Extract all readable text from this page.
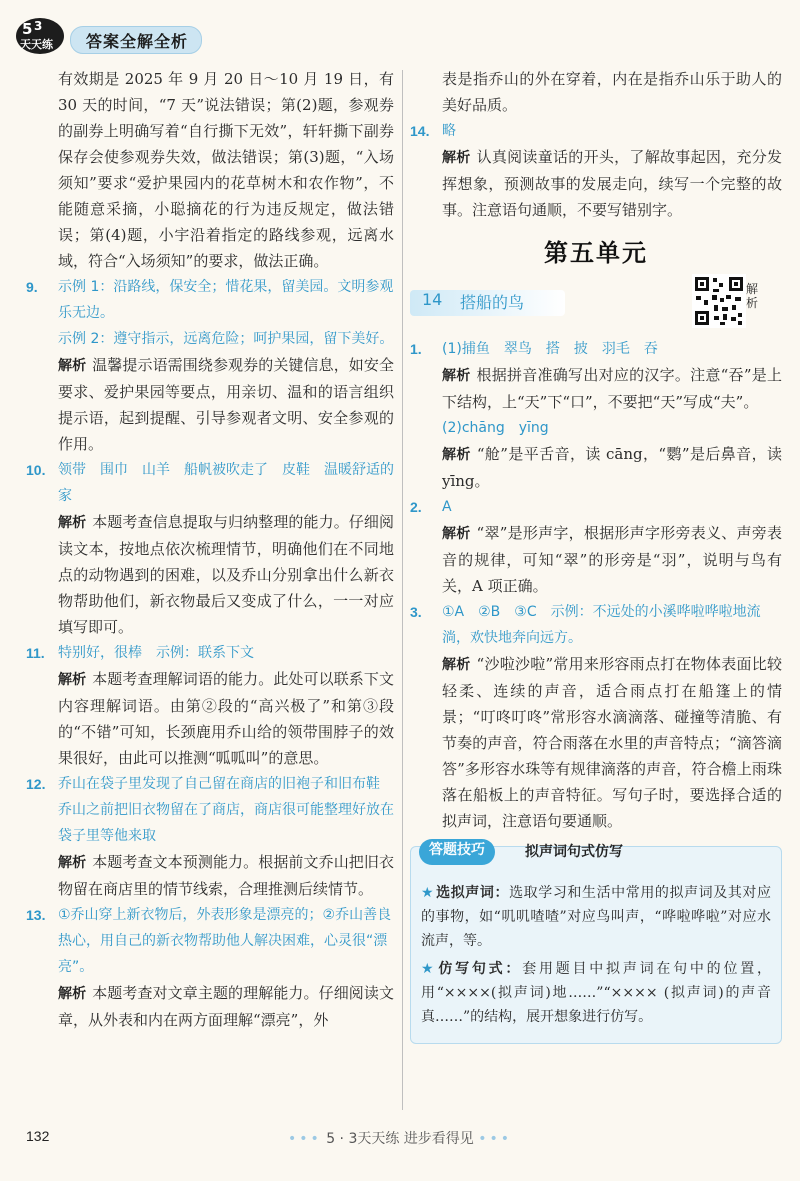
5 3
天天练 答案全解全析

有效期是 2025 年 9 月 20 日～10 月 19 日，有 30 天的时间，“7 天”说法错误；第(2)题，参观券的副券上明确写着“自行撕下无效”，轩轩撕下副券保存会使参观券失效，做法错误；第(3)题，“入场须知”要求“爱护果园内的花草树木和农作物”，不能随意采摘，小聪摘花的行为违反规定，做法错误；第(4)题，小宇沿着指定的路线参观，远离水域，符合“入场须知”的要求，做法正确。

9. 示例 1：沿路线，保安全；惜花果，留美园。文明参观乐无边。

示例 2：遵守指示，远离危险；呵护果园，留下美好。

解析 温馨提示语需围绕参观券的关键信息，如安全要求、爱护果园等要点，用亲切、温和的语言组织提示语，起到提醒、引导参观者文明、安全参观的作用。

10. 领带　围巾　山羊　船帆被吹走了　皮鞋　温暖舒适的家

解析 本题考查信息提取与归纳整理的能力。仔细阅读文本，按地点依次梳理情节，明确他们在不同地点的动物遇到的困难，以及乔山分别拿出什么新衣物帮助他们，新衣物最后又变成了什么，一一对应填写即可。

11. 特别好，很棒　示例：联系下文

解析 本题考查理解词语的能力。此处可以联系下文内容理解词语。由第②段的“高兴极了”和第③段的“不错”可知，长颈鹿用乔山给的领带围脖子的效果很好，由此可以推测“呱呱叫”的意思。

12. 乔山在袋子里发现了自己留在商店的旧袍子和旧布鞋

乔山之前把旧衣物留在了商店，商店很可能整理好放在袋子里等他来取

解析 本题考查文本预测能力。根据前文乔山把旧衣物留在商店里的情节线索，合理推测后续情节。

13. ①乔山穿上新衣物后，外表形象是漂亮的；②乔山善良热心，用自己的新衣物帮助他人解决困难，心灵很“漂亮”。

解析 本题考查对文章主题的理解能力。仔细阅读文章，从外表和内在两方面理解“漂亮”，外

表是指乔山的外在穿着，内在是指乔山乐于助人的美好品质。

14. 略

解析 认真阅读童话的开头，了解故事起因，充分发挥想象，预测故事的发展走向，续写一个完整的故事。注意语句通顺，不要写错别字。

第五单元
14 搭船的鸟
解析

1. (1)捕鱼　翠鸟　搭　披　羽毛　吞

解析 根据拼音准确写出对应的汉字。注意“吞”是上下结构，上“天”下“口”，不要把“天”写成“夫”。

(2)chāng　yīng

解析 “舱”是平舌音，读 cāng，“鹦”是后鼻音，读 yīng。

2. A

解析 “翠”是形声字，根据形声字形旁表义、声旁表音的规律，可知“翠”的形旁是“羽”，说明与鸟有关，A 项正确。

3. ①A　②B　③C　示例：不远处的小溪哗啦哗啦地流淌，欢快地奔向远方。

解析 “沙啦沙啦”常用来形容雨点打在物体表面比较轻柔、连续的声音，适合雨点打在船篷上的情景；“叮咚叮咚”常形容水滴滴落、碰撞等清脆、有节奏的声音，符合雨落在水里的声音特点；“滴答滴答”多形容水珠等有规律滴落的声音，符合檐上雨珠落在船板上的声音特征。写句子时，要选择合适的拟声词，注意语句要通顺。

答题技巧	拟声词句式仿写

★ 选拟声词：选取学习和生活中常用的拟声词及其对应的事物，如“叽叽喳喳”对应鸟叫声，“哗啦哗啦”对应水流声，等。

★ 仿写句式：套用题目中拟声词在句中的位置，用“××××(拟声词)地……”“×××× (拟声词)的声音真……”的结构，展开想象进行仿写。

132	••• 5 · 3天天练 进步看得见 •••
